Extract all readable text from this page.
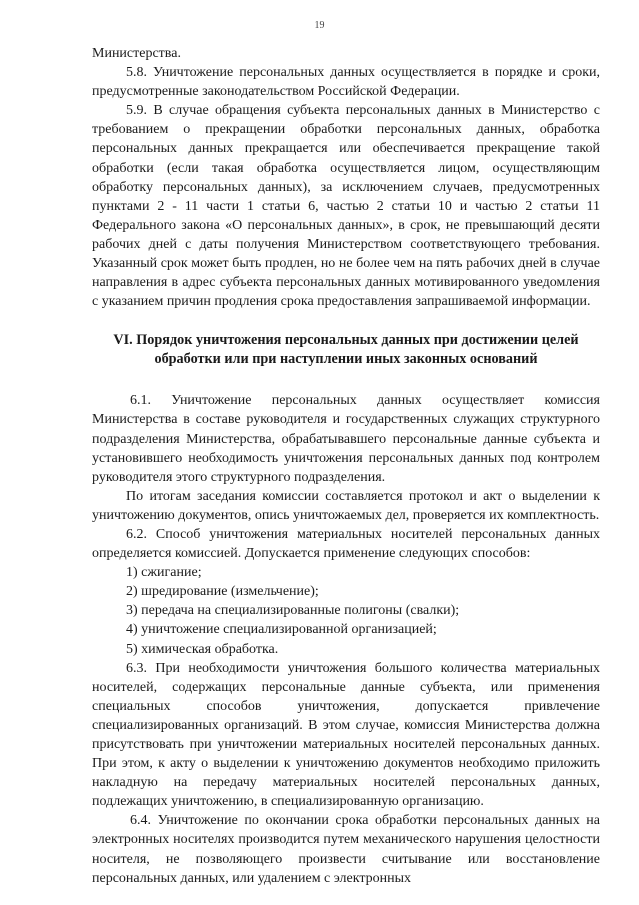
19

Министерства.

5.8. Уничтожение персональных данных осуществляется в порядке и сроки, предусмотренные законодательством Российской Федерации.

5.9. В случае обращения субъекта персональных данных в Министерство с требованием о прекращении обработки персональных данных, обработка персональных данных прекращается или обеспечивается прекращение такой обработки (если такая обработка осуществляется лицом, осуществляющим обработку персональных данных), за исключением случаев, предусмотренных пунктами 2 - 11 части 1 статьи 6, частью 2 статьи 10 и частью 2 статьи 11 Федерального закона «О персональных данных», в срок, не превышающий десяти рабочих дней с даты получения Министерством соответствующего требования. Указанный срок может быть продлен, но не более чем на пять рабочих дней в случае направления в адрес субъекта персональных данных мотивированного уведомления с указанием причин продления срока предоставления запрашиваемой информации.

VI. Порядок уничтожения персональных данных при достижении целей обработки или при наступлении иных законных оснований

6.1. Уничтожение персональных данных осуществляет комиссия Министерства в составе руководителя и государственных служащих структурного подразделения Министерства, обрабатывавшего персональные данные субъекта и установившего необходимость уничтожения персональных данных под контролем руководителя этого структурного подразделения.

По итогам заседания комиссии составляется протокол и акт о выделении к уничтожению документов, опись уничтожаемых дел, проверяется их комплектность.

6.2. Способ уничтожения материальных носителей персональных данных определяется комиссией. Допускается применение следующих способов:

1) сжигание;

2) шредирование (измельчение);

3) передача на специализированные полигоны (свалки);

4) уничтожение специализированной организацией;

5) химическая обработка.

6.3. При необходимости уничтожения большого количества материальных носителей, содержащих персональные данные субъекта, или применения специальных способов уничтожения, допускается привлечение специализированных организаций. В этом случае, комиссия Министерства должна присутствовать при уничтожении материальных носителей персональных данных. При этом, к акту о выделении к уничтожению документов необходимо приложить накладную на передачу материальных носителей персональных данных, подлежащих уничтожению, в специализированную организацию.

6.4. Уничтожение по окончании срока обработки персональных данных на электронных носителях производится путем механического нарушения целостности носителя, не позволяющего произвести считывание или восстановление персональных данных, или удалением с электронных
